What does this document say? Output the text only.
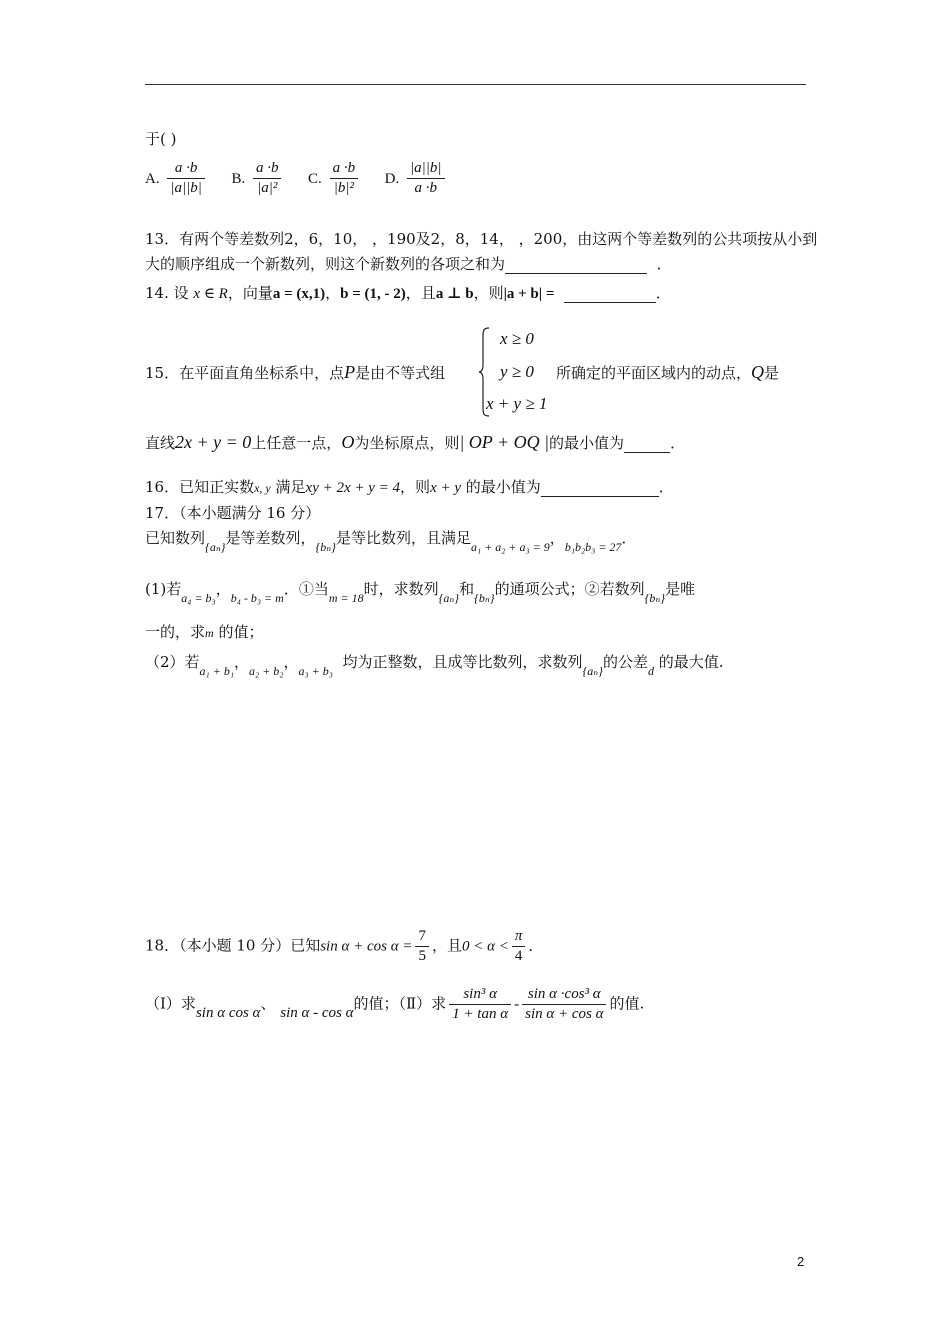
于( )
A. $\frac{a \cdot b}{|a||b|} B$. $\frac{a \cdot b}{\text{|a|²}} C$. $\frac{a \cdot b}{\text{|b|²}} D$. $\frac{|a||b|}{a \cdot b}$
13．有两个等差数列2，6，10， ，190及2，8，14， ，200，由这两个等差数列的公共项按从小到
大的顺序组成一个新数列，则这个新数列的各项之和为	．
14. 设 x ∈ R，向量a = (x,1)，b = (1, - 2)，且a ⊥ b，则|a + b| =	．
15．在平面直角坐标系中，点P是由不等式组
x ≥ 0
y ≥ 0
x + y ≥ 1
所确定的平面区域内的动点，Q是
直线2x + y = 0上任意一点，O为坐标原点，则| OP + OQ |的最小值为	．
16．已知正实数x, y 满足xy + 2x + y = 4，则x + y 的最小值为	．
17．（本小题满分 16 分）
已知数列$_{\{a_n\}}$是等差数列，$_{\{b_n\}}$是等比数列，且满足$_{a_1 + a_2 + a_3 = 9}$，$_{b_1b_2b_3 = 27}$．
(1)若$_{a_4 = b_3}$，$_{b_4 - b_3 = m}$．①当$_{m = 18}$时，求数列$_{\{a_n\}}$和$_{\{b_n\}}$的通项公式；②若数列$_{\{b_n\}}$是唯
一的，求m 的值；
（2）若$_{a_1 + b_1}$，$_{a_2 + b_2}$，$_{a_3 + b_3}$ 均为正整数，且成等比数列，求数列$_{\{a_n\}}$的公差$_d$ 的最大值.
18．（本小题 10 分）已知$\sin \alpha + \cos \alpha = \frac{7}{5}$ ，且$0 < \alpha < \frac{\pi}{4}$ ．
（Ⅰ）求sin α cos α、 sin α - cos α的值；（Ⅱ）求 $\frac{\text{sin³ α}}{\text{1 + tan α}} - \frac{\text{sin α ·cos³ α}}{\text{sin α + cos α}}$ 的值.
2
